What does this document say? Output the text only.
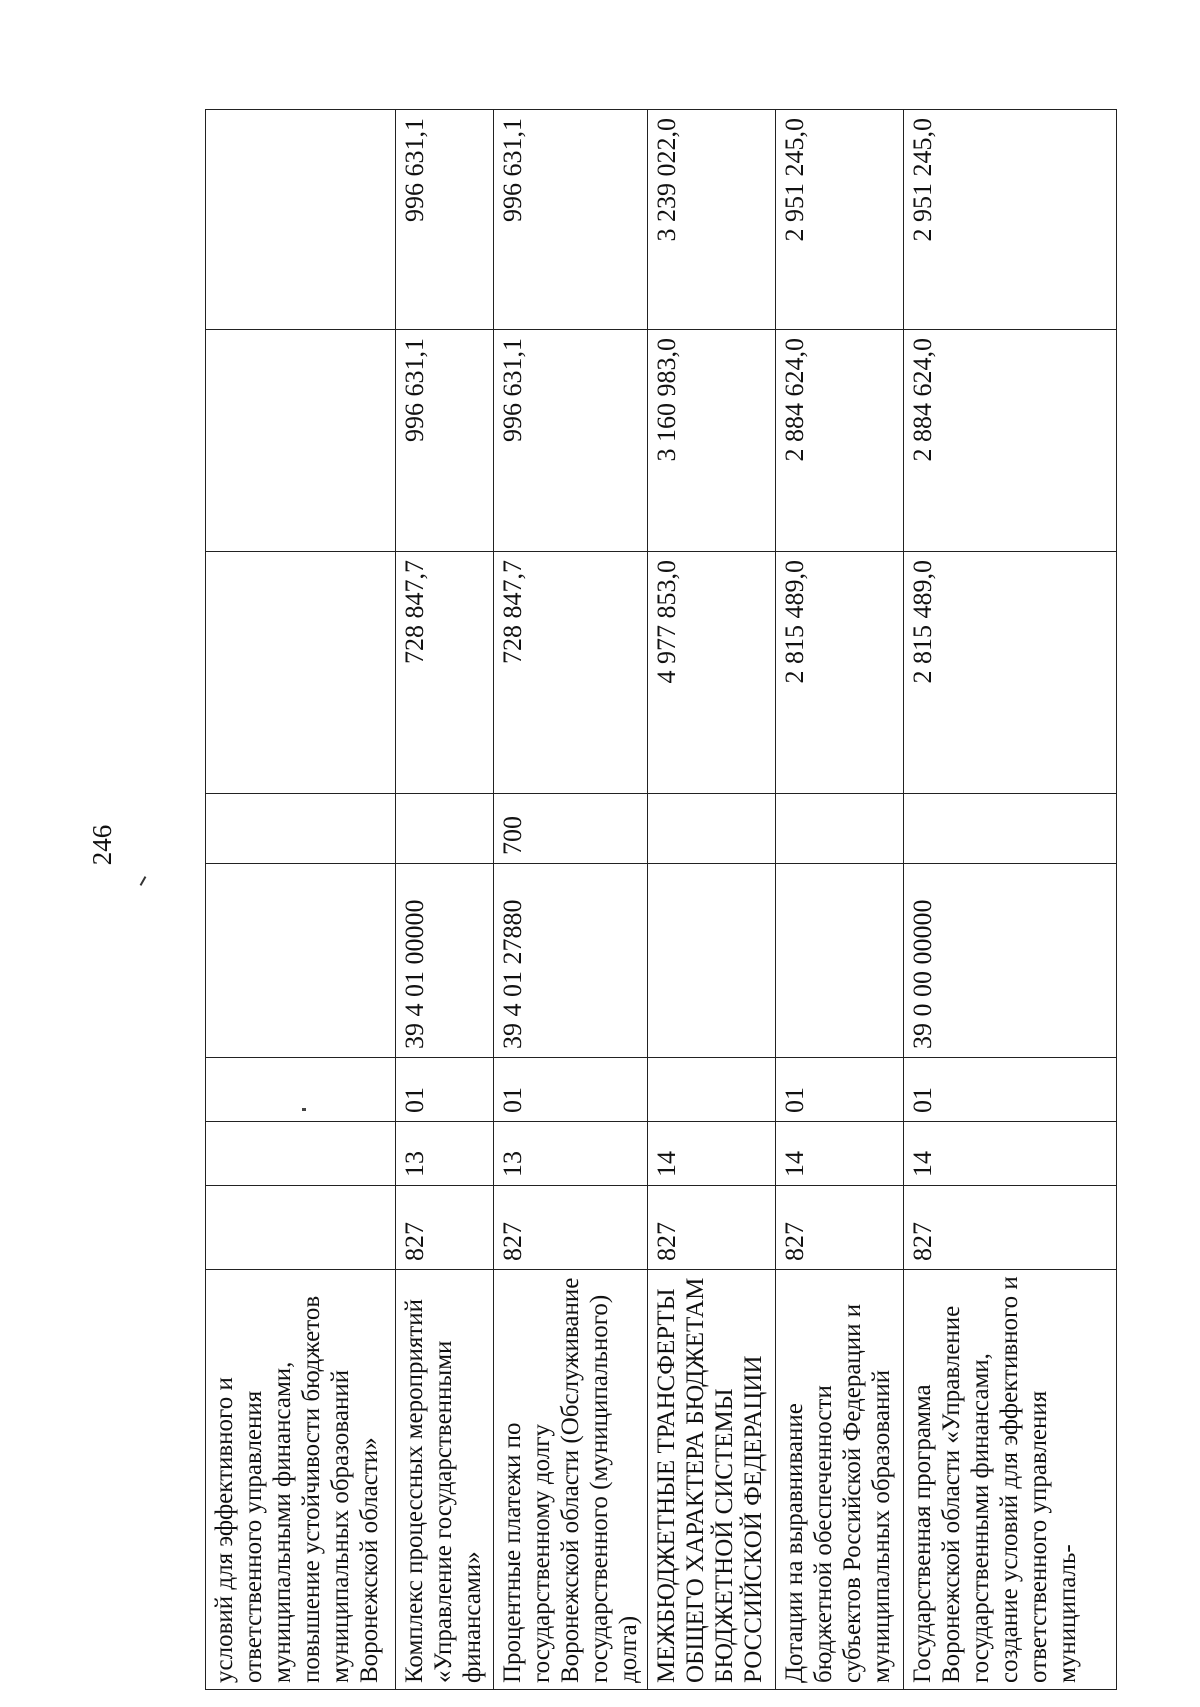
246
условий для эффективного и ответственного управления муниципальными финансами, повышение устойчивости бюджетов муниципальных образований Воронежской области»								
Комплекс процессных мероприятий «Управление государственными финансами»	827	13	01	39 4 01 00000		728 847,7	996 631,1	996 631,1
Процентные платежи по государственному долгу Воронежской области (Обслуживание государственного (муниципального) долга)	827	13	01	39 4 01 27880	700	728 847,7	996 631,1	996 631,1
МЕЖБЮДЖЕТНЫЕ ТРАНСФЕРТЫ ОБЩЕГО ХАРАКТЕРА БЮДЖЕТАМ БЮДЖЕТНОЙ СИСТЕМЫ РОССИЙСКОЙ ФЕДЕРАЦИИ	827	14				4 977 853,0	3 160 983,0	3 239 022,0
Дотации на выравнивание бюджетной обеспеченности субъектов Российской Федерации и муниципальных образований	827	14	01			2 815 489,0	2 884 624,0	2 951 245,0
Государственная программа Воронежской области «Управление государственными финансами, создание условий для эффективного и ответственного управления муниципаль-	827	14	01	39 0 00 00000		2 815 489,0	2 884 624,0	2 951 245,0
